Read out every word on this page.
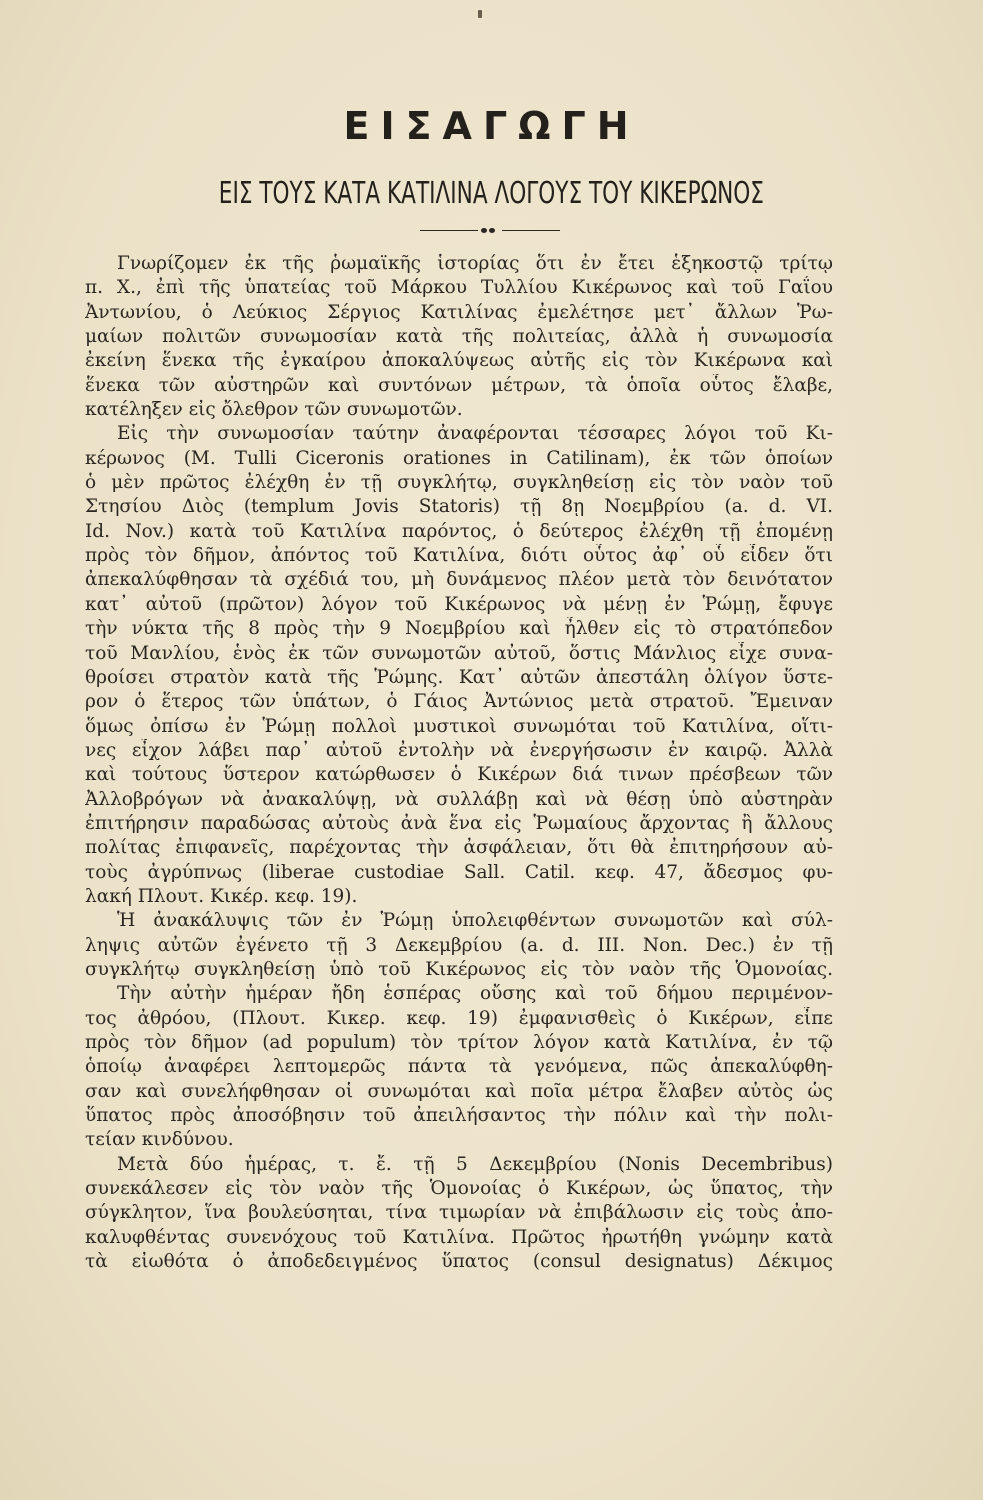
ΕΙΣΑΓΩΓΗ
ΕΙΣ ΤΟΥΣ ΚΑΤΑ ΚΑΤΙΛΙΝΑ ΛΟΓΟΥΣ ΤΟΥ ΚΙΚΕΡΩΝΟΣ
Γνωρίζομεν ἐκ τῆς ῥωμαϊκῆς ἱστορίας ὅτι ἐν ἔτει ἑξηκοστῷ τρίτῳ
π. Χ., ἐπὶ τῆς ὑπατείας τοῦ Μάρκου Τυλλίου Κικέρωνος καὶ τοῦ Γαΐου
Ἀντωνίου, ὁ Λεύκιος Σέργιος Κατιλίνας ἐμελέτησε μετ᾽ ἄλλων Ῥω-
μαίων πολιτῶν συνωμοσίαν κατὰ τῆς πολιτείας, ἀλλὰ ἡ συνωμοσία
ἐκείνη ἕνεκα τῆς ἐγκαίρου ἀποκαλύψεως αὐτῆς εἰς τὸν Κικέρωνα καὶ
ἕνεκα τῶν αὐστηρῶν καὶ συντόνων μέτρων, τὰ ὁποῖα οὗτος ἔλαβε,
κατέληξεν εἰς ὄλεθρον τῶν συνωμοτῶν.
Εἰς τὴν συνωμοσίαν ταύτην ἀναφέρονται τέσσαρες λόγοι τοῦ Κι-
κέρωνος (M. Tulli Ciceronis orationes in Catilinam), ἐκ τῶν ὁποίων
ὁ μὲν πρῶτος ἐλέχθη ἐν τῇ συγκλήτῳ, συγκληθείσῃ εἰς τὸν ναὸν τοῦ
Στησίου Διὸς (templum Jovis Statoris) τῇ 8ῃ Νοεμβρίου (a. d. VI.
Id. Nov.) κατὰ τοῦ Κατιλίνα παρόντος, ὁ δεύτερος ἐλέχθη τῇ ἑπομένῃ
πρὸς τὸν δῆμον, ἀπόντος τοῦ Κατιλίνα, διότι οὗτος ἀφ᾽ οὗ εἶδεν ὅτι
ἀπεκαλύφθησαν τὰ σχέδιά του, μὴ δυνάμενος πλέον μετὰ τὸν δεινότατον
κατ᾽ αὐτοῦ (πρῶτον) λόγον τοῦ Κικέρωνος νὰ μένῃ ἐν Ῥώμῃ, ἔφυγε
τὴν νύκτα τῆς 8 πρὸς τὴν 9 Νοεμβρίου καὶ ἦλθεν εἰς τὸ στρατόπεδον
τοῦ Μανλίου, ἑνὸς ἐκ τῶν συνωμοτῶν αὐτοῦ, ὅστις Μάνλιος εἶχε συνα-
θροίσει στρατὸν κατὰ τῆς Ῥώμης. Κατ᾽ αὐτῶν ἀπεστάλη ὀλίγον ὕστε-
ρον ὁ ἕτερος τῶν ὑπάτων, ὁ Γάιος Ἀντώνιος μετὰ στρατοῦ. Ἔμειναν
ὅμως ὀπίσω ἐν Ῥώμῃ πολλοὶ μυστικοὶ συνωμόται τοῦ Κατιλίνα, οἵτι-
νες εἶχον λάβει παρ᾽ αὐτοῦ ἐντολὴν νὰ ἐνεργήσωσιν ἐν καιρῷ. Ἀλλὰ
καὶ τούτους ὕστερον κατώρθωσεν ὁ Κικέρων διά τινων πρέσβεων τῶν
Ἀλλοβρόγων νὰ ἀνακαλύψῃ, νὰ συλλάβῃ καὶ νὰ θέσῃ ὑπὸ αὐστηρὰν
ἐπιτήρησιν παραδώσας αὐτοὺς ἀνὰ ἕνα εἰς Ῥωμαίους ἄρχοντας ἢ ἄλλους
πολίτας ἐπιφανεῖς, παρέχοντας τὴν ἀσφάλειαν, ὅτι θὰ ἐπιτηρήσουν αὐ-
τοὺς ἀγρύπνως (liberae custodiae Sall. Catil. κεφ. 47, ἄδεσμος φυ-
λακή Πλουτ. Κικέρ. κεφ. 19).
Ἡ ἀνακάλυψις τῶν ἐν Ῥώμῃ ὑπολειφθέντων συνωμοτῶν καὶ σύλ-
ληψις αὐτῶν ἐγένετο τῇ 3 Δεκεμβρίου (a. d. III. Non. Dec.) ἐν τῇ
συγκλήτῳ συγκληθείσῃ ὑπὸ τοῦ Κικέρωνος εἰς τὸν ναὸν τῆς Ὁμονοίας.
Τὴν αὐτὴν ἡμέραν ἤδη ἑσπέρας οὔσης καὶ τοῦ δήμου περιμένον-
τος ἀθρόου, (Πλουτ. Κικερ. κεφ. 19) ἐμφανισθεὶς ὁ Κικέρων, εἶπε
πρὸς τὸν δῆμον (ad populum) τὸν τρίτον λόγον κατὰ Κατιλίνα, ἐν τῷ
ὁποίῳ ἀναφέρει λεπτομερῶς πάντα τὰ γενόμενα, πῶς ἀπεκαλύφθη-
σαν καὶ συνελήφθησαν οἱ συνωμόται καὶ ποῖα μέτρα ἔλαβεν αὐτὸς ὡς
ὕπατος πρὸς ἀποσόβησιν τοῦ ἀπειλήσαντος τὴν πόλιν καὶ τὴν πολι-
τείαν κινδύνου.
Μετὰ δύο ἡμέρας, τ. ἔ. τῇ 5 Δεκεμβρίου (Nonis Decembribus)
συνεκάλεσεν εἰς τὸν ναὸν τῆς Ὁμονοίας ὁ Κικέρων, ὡς ὕπατος, τὴν
σύγκλητον, ἵνα βουλεύσηται, τίνα τιμωρίαν νὰ ἐπιβάλωσιν εἰς τοὺς ἀπο-
καλυφθέντας συνενόχους τοῦ Κατιλίνα. Πρῶτος ἠρωτήθη γνώμην κατὰ
τὰ εἰωθότα ὁ ἀποδεδειγμένος ὕπατος (consul designatus) Δέκιμος
